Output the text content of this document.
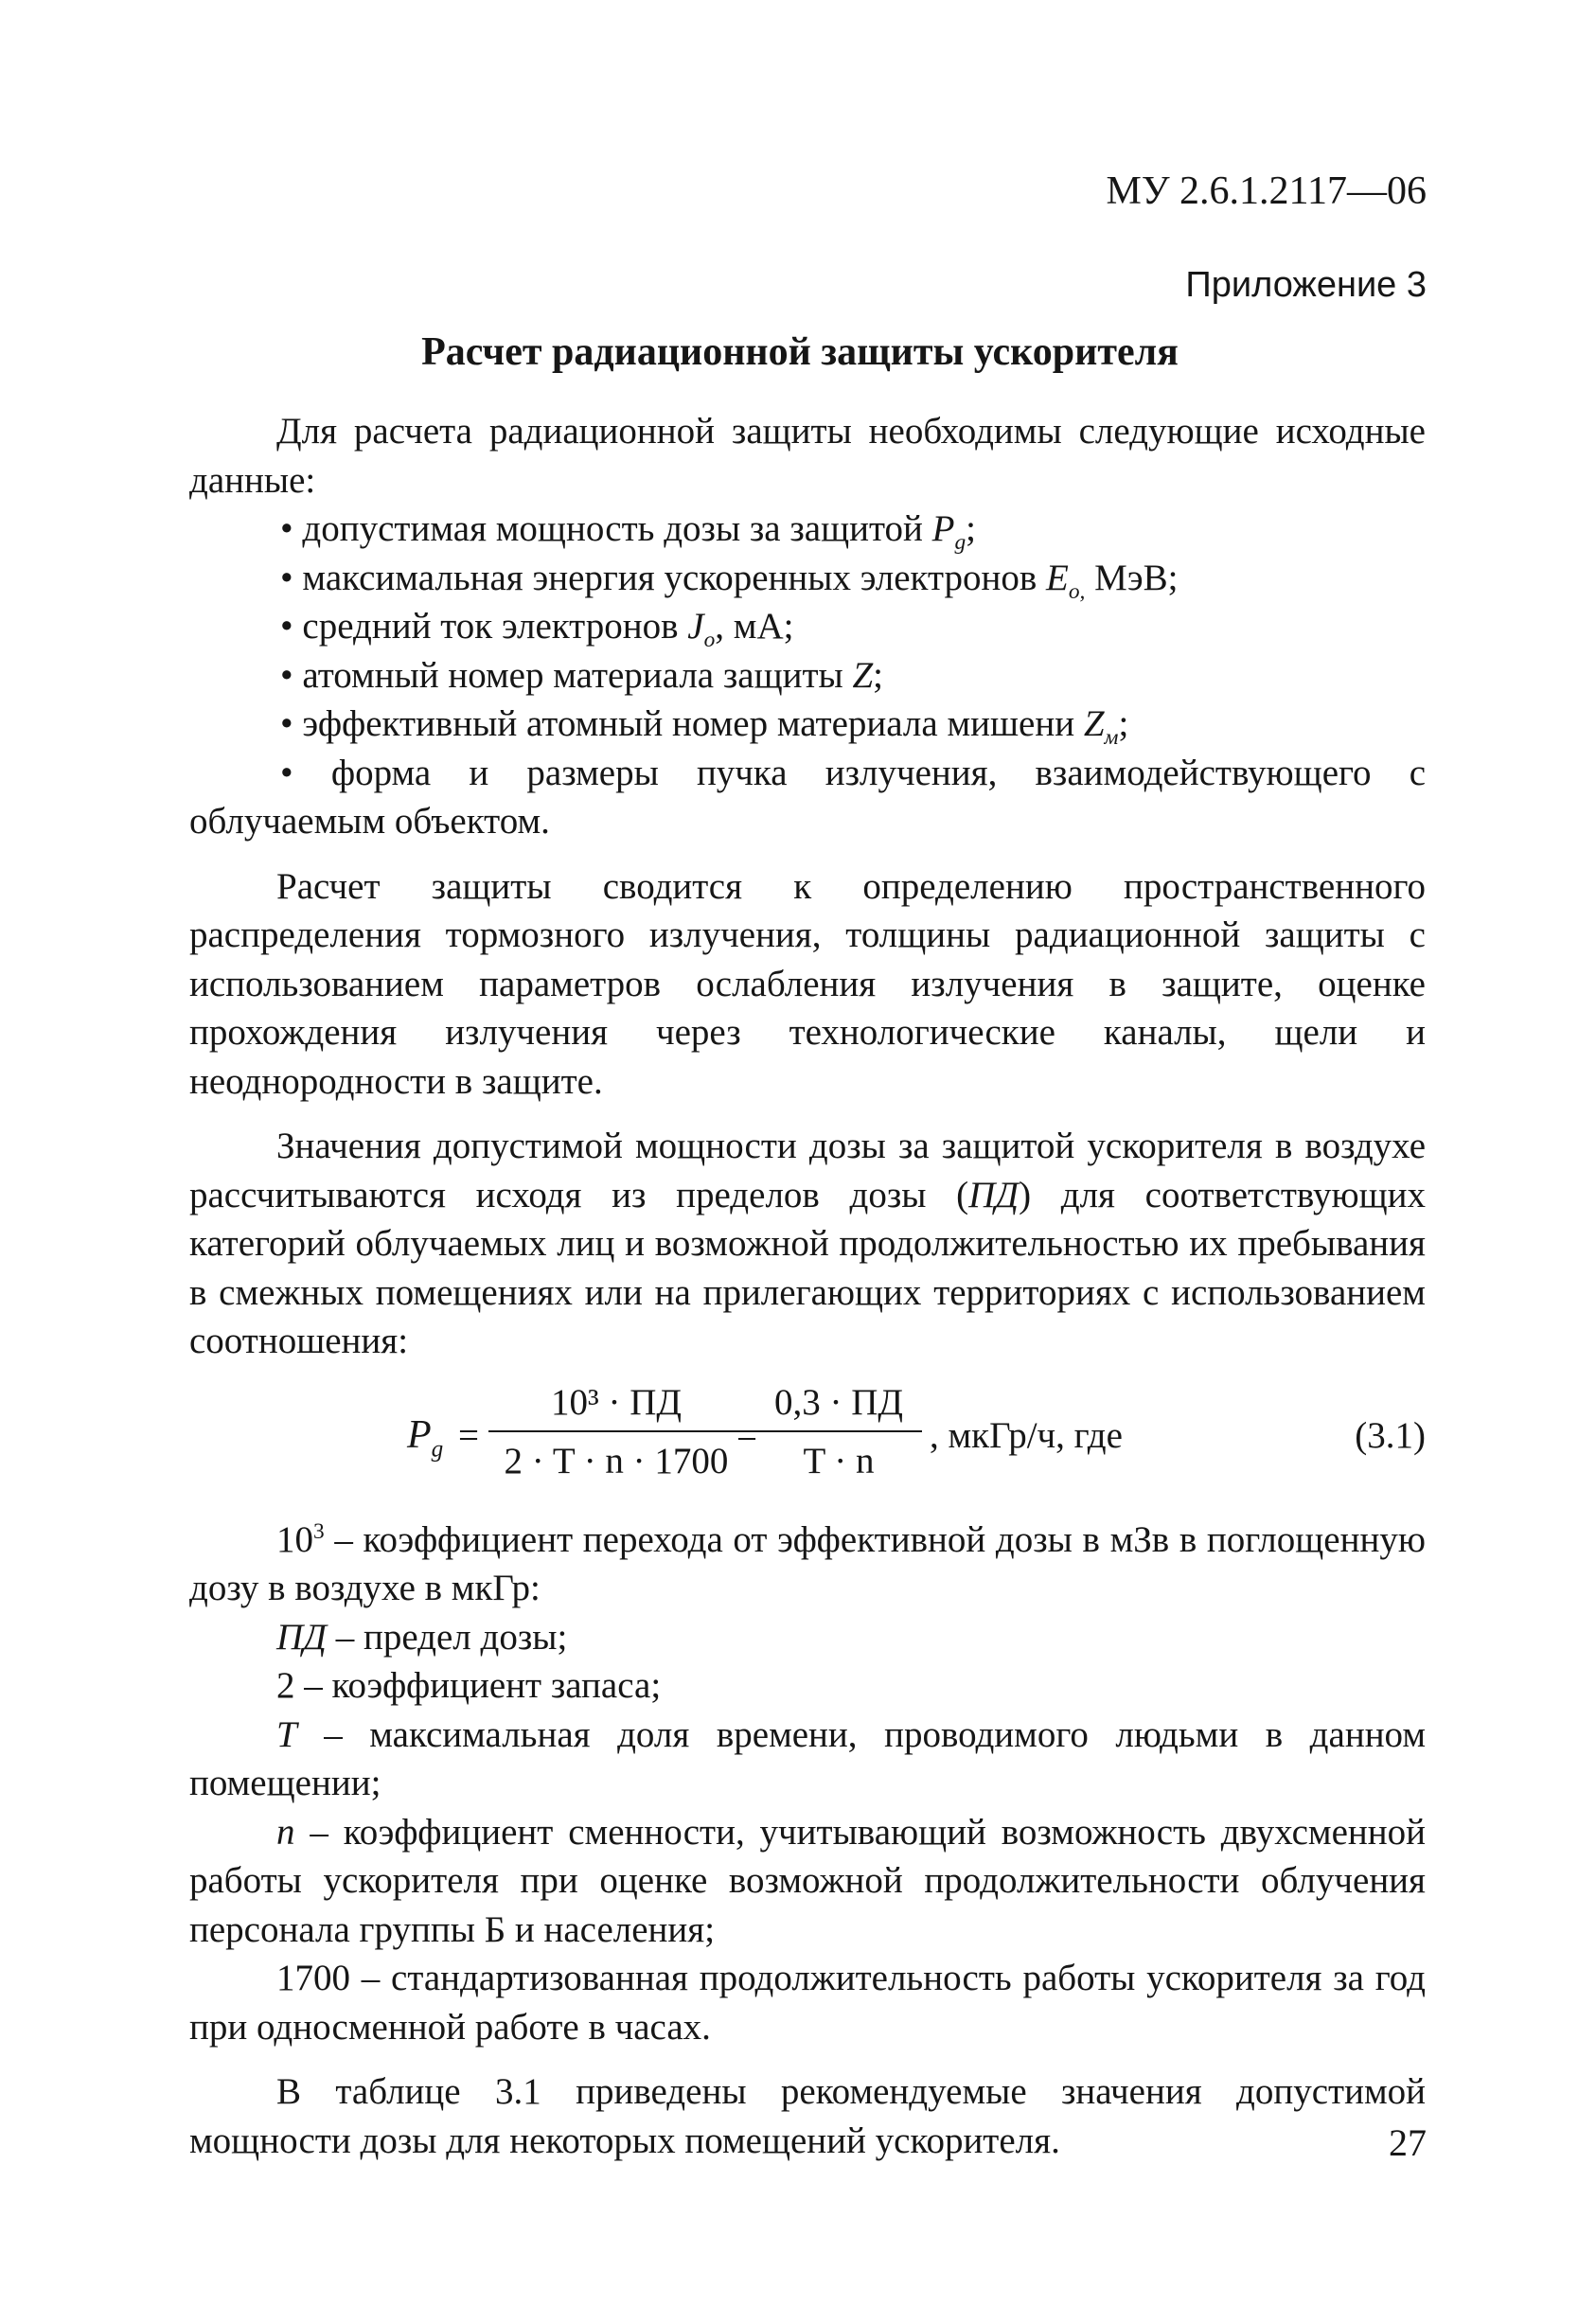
МУ 2.6.1.2117—06
Приложение 3
Расчет радиационной защиты ускорителя

Для расчета радиационной защиты необходимы следующие исходные данные:

• допустимая мощность дозы за защитой $P_g$;

• максимальная энергия ускоренных электронов $E_{o,}$ МэВ;

• средний ток электронов $J_o$, мА;

• атомный номер материала защиты Z;

• эффективный атомный номер материала мишени $Z_м$;

• форма и размеры пучка излучения, взаимодействующего с облучаемым объектом.

Расчет защиты сводится к определению пространственного распределения тормозного излучения, толщины радиационной защиты с использованием параметров ослабления излучения в защите, оценке прохождения излучения через технологические каналы, щели и неоднородности в защите.

Значения допустимой мощности дозы за защитой ускорителя в воздухе рассчитываются исходя из пределов дозы (ПД) для соответствующих категорий облучаемых лиц и возможной продолжительностью их пребывания в смежных помещениях или на прилегающих территориях с использованием соотношения:

$P_g$ =
10³ · ПД
2 · T · n · 1700
=
0,3 · ПД
T · n
, мкГр/ч, где	(3.1)

$10^3$ – коэффициент перехода от эффективной дозы в мЗв в поглощенную дозу в воздухе в мкГр:

ПД – предел дозы;

2 – коэффициент запаса;

T – максимальная доля времени, проводимого людьми в данном помещении;

n – коэффициент сменности, учитывающий возможность двухсменной работы ускорителя при оценке возможной продолжительности облучения персонала группы Б и населения;

1700 – стандартизованная продолжительность работы ускорителя за год при односменной работе в часах.

В таблице 3.1 приведены рекомендуемые значения допустимой мощности дозы для некоторых помещений ускорителя.	27
